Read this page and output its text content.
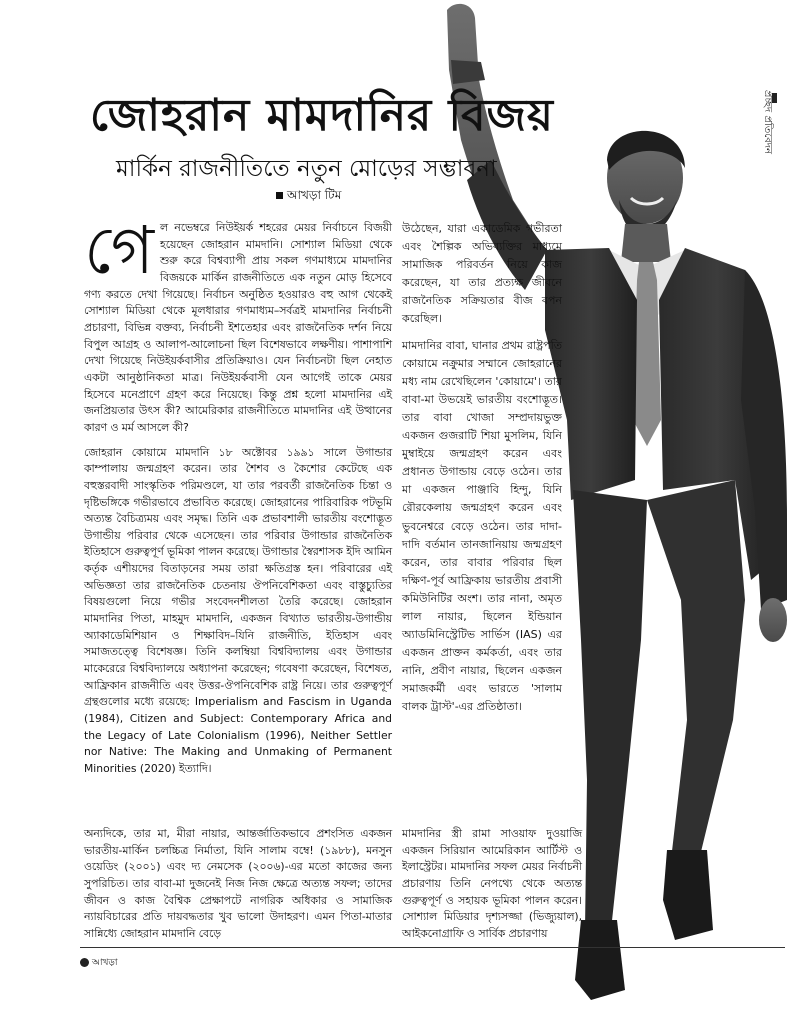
প্রচ্ছদ প্রতিবেদন
জোহরান মামদানির বিজয়
মার্কিন রাজনীতিতে নতুন মোড়ের সম্ভাবনা
আখড়া টিম

গেল নভেম্বরে নিউইয়র্ক শহরের মেয়র নির্বাচনে বিজয়ী হয়েছেন জোহরান মামদানি। সোশ্যাল মিডিয়া থেকে শুরু করে বিশ্বব্যাপী প্রায় সকল গণমাধ্যমে মামদানির বিজয়কে মার্কিন রাজনীতিতে এক নতুন মোড় হিসেবে গণ্য করতে দেখা গিয়েছে। নির্বাচন অনুষ্ঠিত হওয়ারও বহু আগ থেকেই সোশ্যাল মিডিয়া থেকে মূলধারার গণমাধ্যম–সর্বত্রই মামদানির নির্বাচনী প্রচারণা, বিভিন্ন বক্তব্য, নির্বাচনী ইশতেহার এবং রাজনৈতিক দর্শন নিয়ে বিপুল আগ্রহ ও আলাপ-আলোচনা ছিল বিশেষভাবে লক্ষণীয়। পাশাপাশি দেখা গিয়েছে নিউইয়র্কবাসীর প্রতিক্রিয়াও। যেন নির্বাচনটা ছিল নেহাত একটা আনুষ্ঠানিকতা মাত্র। নিউইয়র্কবাসী যেন আগেই তাকে মেয়র হিসেবে মনেপ্রাণে গ্রহণ করে নিয়েছে। কিন্তু প্রশ্ন হলো মামদানির এই জনপ্রিয়তার উৎস কী? আমেরিকার রাজনীতিতে মামদানির এই উত্থানের কারণ ও মর্ম আসলে কী?

জোহরান কোয়ামে মামদানি ১৮ অক্টোবর ১৯৯১ সালে উগান্ডার কাম্পালায় জন্মগ্রহণ করেন। তার শৈশব ও কৈশোর কেটেছে এক বহুস্তরবাদী সাংস্কৃতিক পরিমণ্ডলে, যা তার পরবর্তী রাজনৈতিক চিন্তা ও দৃষ্টিভঙ্গিকে গভীরভাবে প্রভাবিত করেছে। জোহরানের পারিবারিক পটভূমি অত্যন্ত বৈচিত্র্যময় এবং সমৃদ্ধ। তিনি এক প্রভাবশালী ভারতীয় বংশোদ্ভূত উগান্ডীয় পরিবার থেকে এসেছেন। তার পরিবার উগান্ডার রাজনৈতিক ইতিহাসে গুরুত্বপূর্ণ ভূমিকা পালন করেছে। উগান্ডার স্বৈরশাসক ইদি আমিন কর্তৃক এশীয়দের বিতাড়নের সময় তারা ক্ষতিগ্রস্ত হন। পরিবারের এই অভিজ্ঞতা তার রাজনৈতিক চেতনায় ঔপনিবেশিকতা এবং বাস্তুচ্যুতির বিষয়গুলো নিয়ে গভীর সংবেদনশীলতা তৈরি করেছে। জোহরান মামদানির পিতা, মাহমুদ মামদানি, একজন বিখ্যাত ভারতীয়-উগান্ডীয় অ্যাকাডেমিশিয়ান ও শিক্ষাবিদ–যিনি রাজনীতি, ইতিহাস এবং সমাজতত্ত্বে বিশেষজ্ঞ। তিনি কলম্বিয়া বিশ্ববিদ্যালয় এবং উগান্ডার মাকেরেরে বিশ্ববিদ্যালয়ে অধ্যাপনা করেছেন; গবেষণা করেছেন, বিশেষত, আফ্রিকান রাজনীতি এবং উত্তর-ঔপনিবেশিক রাষ্ট্র নিয়ে। তার গুরুত্বপূর্ণ গ্রন্থগুলোর মধ্যে রয়েছে: Imperialism and Fascism in Uganda (1984), Citizen and Subject: Contemporary Africa and the Legacy of Late Colonialism (1996), Neither Settler nor Native: The Making and Unmaking of Permanent Minorities (2020) ইত্যাদি।

অন্যদিকে, তার মা, মীরা নায়ার, আন্তর্জাতিকভাবে প্রশংসিত একজন ভারতীয়-মার্কিন চলচ্চিত্র নির্মাতা, যিনি সালাম বম্বে! (১৯৮৮), মনসুন ওয়েডিং (২০০১) এবং দ্য নেমসেক (২০০৬)-এর মতো কাজের জন্য সুপরিচিত। তার বাবা-মা দুজনেই নিজ নিজ ক্ষেত্রে অত্যন্ত সফল; তাদের জীবন ও কাজ বৈশ্বিক প্রেক্ষাপটে নাগরিক অধিকার ও সামাজিক ন্যায়বিচারের প্রতি দায়বদ্ধতার খুব ভালো উদাহরণ। এমন পিতা-মাতার সান্নিধ্যে জোহরান মামদানি বেড়ে

উঠেছেন, যারা একাডেমিক গভীরতা এবং শৈল্পিক অভিব্যক্তির মাধ্যমে সামাজিক পরিবর্তন নিয়ে কাজ করেছেন, যা তার প্রত্যক্ষ জীবনে রাজনৈতিক সক্রিয়তার বীজ বপন করেছিল।

মামদানির বাবা, ঘানার প্রথম রাষ্ট্রপতি কোয়ামে নক্রুমার সম্মানে জোহরানের মধ্য নাম রেখেছিলেন 'কোয়ামে'। তার বাবা-মা উভয়েই ভারতীয় বংশোদ্ভূত। তার বাবা খোজা সম্প্রদায়ভুক্ত একজন গুজরাটি শিয়া মুসলিম, যিনি মুম্বাইয়ে জন্মগ্রহণ করেন এবং প্রধানত উগান্ডায় বেড়ে ওঠেন। তার মা একজন পাঞ্জাবি হিন্দু, যিনি রৌরকেলায় জন্মগ্রহণ করেন এবং ভুবনেশ্বরে বেড়ে ওঠেন। তার দাদা-দাদি বর্তমান তানজানিয়ায় জন্মগ্রহণ করেন, তার বাবার পরিবার ছিল দক্ষিণ-পূর্ব আফ্রিকায় ভারতীয় প্রবাসী কমিউনিটির অংশ। তার নানা, অমৃত লাল নায়ার, ছিলেন ইন্ডিয়ান অ্যাডমিনিস্ট্রেটিভ সার্ভিস (IAS) এর একজন প্রাক্তন কর্মকর্তা, এবং তার নানি, প্রবীণ নায়ার, ছিলেন একজন সমাজকর্মী এবং ভারতে 'সালাম বালক ট্রাস্ট'-এর প্রতিষ্ঠাতা।

মামদানির স্ত্রী রামা সাওয়াফ দুওয়াজি একজন সিরিয়ান আমেরিকান আর্টিস্ট ও ইলাস্ট্রেটর। মামদানির সফল মেয়র নির্বাচনী প্রচারণায় তিনি নেপথ্যে থেকে অত্যন্ত গুরুত্বপূর্ণ ও সহায়ক ভূমিকা পালন করেন। সোশ্যাল মিডিয়ার দৃশ্যসজ্জা (ভিজ্যুয়াল), আইকনোগ্রাফি ও সার্বিক প্রচারণায়

আখড়া
